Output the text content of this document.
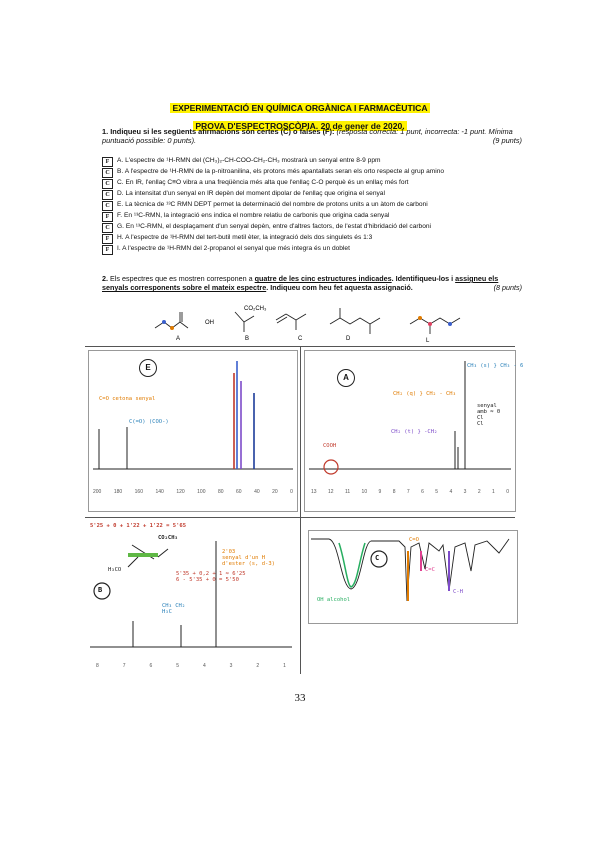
EXPERIMENTACIÓ EN QUÍMICA ORGÀNICA I FARMACÈUTICA
PROVA D'ESPECTROSCÒPIA. 20 de gener de 2020.
1. Indiqueu si les següents afirmacions són certes (C) o falses (F): (resposta correcta: 1 punt, incorrecta: -1 punt. Mínima puntuació possible: 0 punts).	(9 punts)
F A. L'espectre de ¹H-RMN del (CH₃)₂-CH-COO-CH₂-CH₃ mostrarà un senyal entre 8-9 ppm
C B. A l'espectre de ¹H-RMN de la p-nitroanilina, els protons més apantallats seran els orto respecte al grup amino
C C. En IR, l'enllaç C≡O vibra a una freqüència més alta que l'enllaç C-O perquè és un enllaç més fort
C D. La intensitat d'un senyal en IR depèn del moment dipolar de l'enllaç que origina el senyal
C E. La tècnica de ¹³C RMN DEPT permet la determinació del nombre de protons units a un àtom de carboni
F F. En ¹³C-RMN, la integració ens indica el nombre relatiu de carbonis que origina cada senyal
C G. En ¹³C-RMN, el desplaçament d'un senyal depèn, entre d'altres factors, de l'estat d'hibridació del carboni
F H. A l'espectre de ¹H-RMN del tert-butil metil èter, la integració dels dos singulets és 1:3
F I. A l'espectre de ¹H-RMN del 2-propanol el senyal que més integra és un doblet
2. Els espectres que es mostren corresponen a quatre de les cinc estructures indicades. Identifiqueu-los i assigneu els senyals corresponents sobre el mateix espectre. Indiqueu com heu fet aquesta assignació.	(8 punts)
A
OH
B
CO₂CH₃
C	D	L
E
C=O cetona senyal
C(=O) (COO-)
200 180 160 140 120 100 80 60 40 20 0
A
COOH
CH₃ (s) } CH₃ - 6
CH₂ (q) } CH₂ - CH₃
CH₂ (t) } -CH₂
senyal
amb ≈ 0
Cl
Cl
13 12 11 10 9 8 7 6 5 4 3 2 1 0
5'25 + 0 + 1'22 + 1'22 = 5'65
B
CO₂CH₃
H₃CO
2'03
senyal d'un H
d'ester (s, d-3)
5'35 + 0,2 + 1 ≈ 6'25
6 - 5'35 + 0 = 5'50
CH₃ CH₂
H₃C
8	7	6	5	4	3	2	1
C
OH alcohol
C=O
C=C
C-H
33
